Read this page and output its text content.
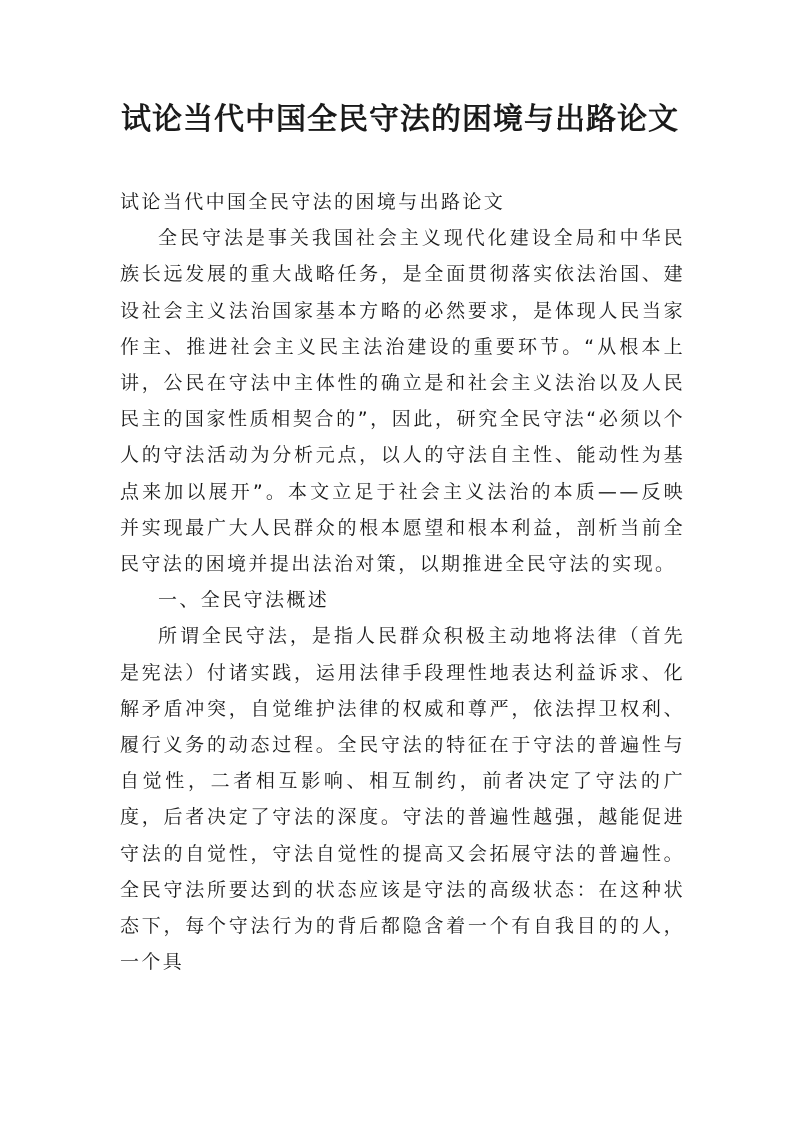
试论当代中国全民守法的困境与出路论文

试论当代中国全民守法的困境与出路论文

全民守法是事关我国社会主义现代化建设全局和中华民族长远发展的重大战略任务，是全面贯彻落实依法治国、建设社会主义法治国家基本方略的必然要求，是体现人民当家作主、推进社会主义民主法治建设的重要环节。“从根本上讲，公民在守法中主体性的确立是和社会主义法治以及人民民主的国家性质相契合的”，因此，研究全民守法“必须以个人的守法活动为分析元点，以人的守法自主性、能动性为基点来加以展开”。本文立足于社会主义法治的本质——反映并实现最广大人民群众的根本愿望和根本利益，剖析当前全民守法的困境并提出法治对策，以期推进全民守法的实现。

一、全民守法概述

所谓全民守法，是指人民群众积极主动地将法律（首先是宪法）付诸实践，运用法律手段理性地表达利益诉求、化解矛盾冲突，自觉维护法律的权威和尊严，依法捍卫权利、履行义务的动态过程。全民守法的特征在于守法的普遍性与自觉性，二者相互影响、相互制约，前者决定了守法的广度，后者决定了守法的深度。守法的普遍性越强，越能促进守法的自觉性，守法自觉性的提高又会拓展守法的普遍性。全民守法所要达到的状态应该是守法的高级状态：在这种状态下，每个守法行为的背后都隐含着一个有自我目的的人，一个具
